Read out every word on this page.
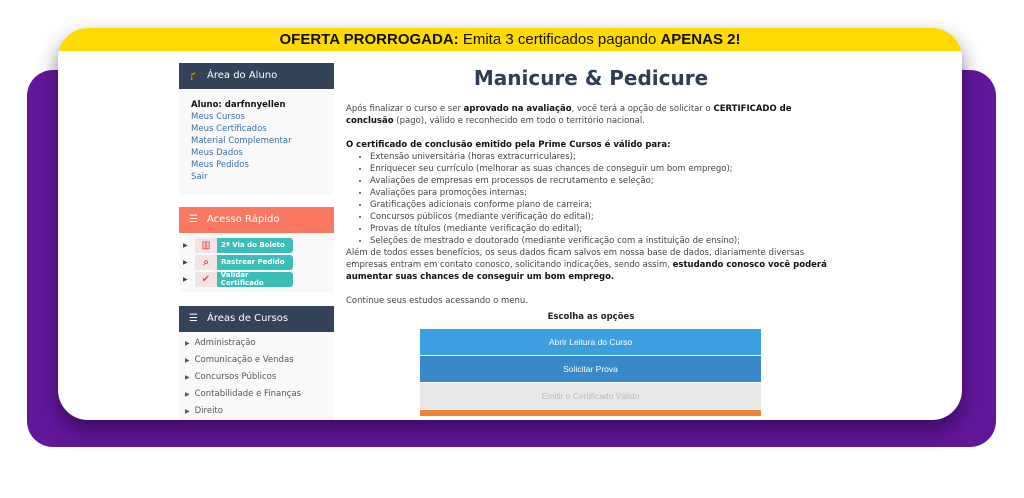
OFERTA PRORROGADA: Emita 3 certificados pagando APENAS 2!
🎓 Área do Aluno
Aluno: darfnnyellen
Meus Cursos
Meus Certificados
Material Complementar
Meus Dados
Meus Pedidos
Sair
☰ Acesso Rápido
▶	▥	2ª Via do Boleto
▶	⌕	Rastrear Pedido
▶	✔	Validar Certificado
☰ Áreas de Cursos
▶ Administração
▶ Comunicação e Vendas
▶ Concursos Públicos
▶ Contabilidade e Finanças
▶ Direito
Manicure & Pedicure

Após finalizar o curso e ser aprovado na avaliação, você terá a opção de solicitar o CERTIFICADO de conclusão (pago), válido e reconhecido em todo o território nacional.

O certificado de conclusão emitido pela Prime Cursos é válido para:
• Extensão universitária (horas extracurriculares);
• Enriquecer seu currículo (melhorar as suas chances de conseguir um bom emprego);
• Avaliações de empresas em processos de recrutamento e seleção;
• Avaliações para promoções internas;
• Gratificações adicionais conforme plano de carreira;
• Concursos públicos (mediante verificação do edital);
• Provas de títulos (mediante verificação do edital);
• Seleções de mestrado e doutorado (mediante verificação com a instituição de ensino);

Além de todos esses benefícios, os seus dados ficam salvos em nossa base de dados, diariamente diversas empresas entram em contato conosco, solicitando indicações, sendo assim, estudando conosco você poderá aumentar suas chances de conseguir um bom emprego.

Continue seus estudos acessando o menu.
Escolha as opções
Abrir Leitura do Curso
Solicitar Prova
Emitir o Certificado Válido
